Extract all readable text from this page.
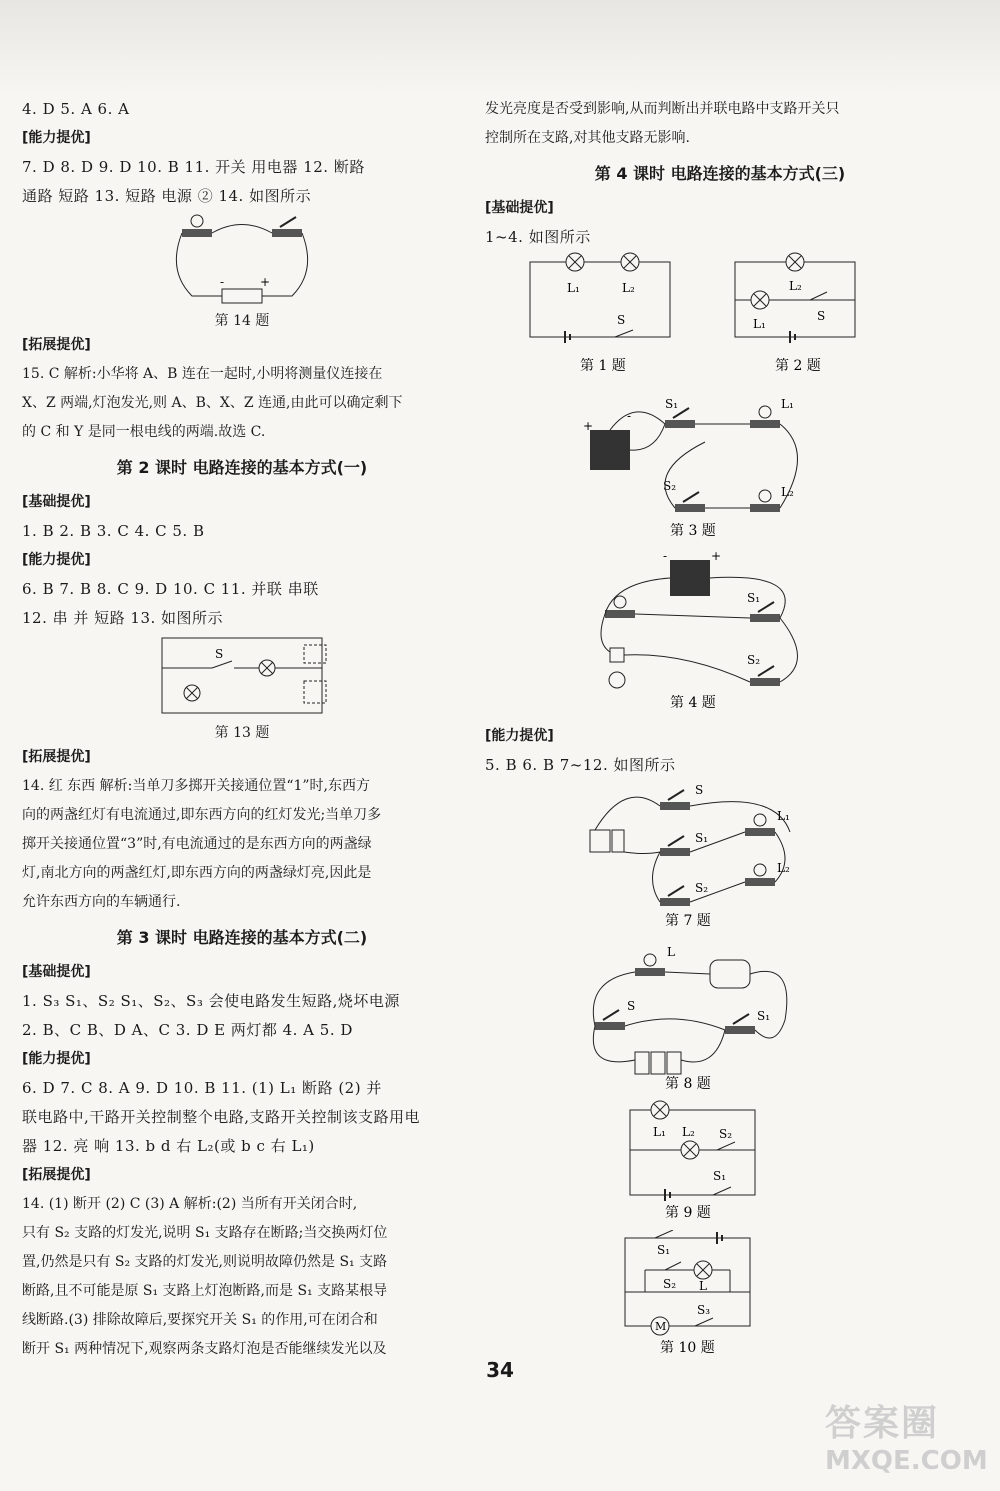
4. D 5. A 6. A
[能力提优]
7. D 8. D 9. D 10. B 11. 开关 用电器 12. 断路
通路 短路 13. 短路 电源 ② 14. 如图所示
-	+
第 14 题
[拓展提优]
15. C 解析:小华将 A、B 连在一起时,小明将测量仪连接在
X、Z 两端,灯泡发光,则 A、B、X、Z 连通,由此可以确定剩下
的 C 和 Y 是同一根电线的两端.故选 C.
第 2 课时 电路连接的基本方式(一)
[基础提优]
1. B 2. B 3. C 4. C 5. B
[能力提优]
6. B 7. B 8. C 9. D 10. C 11. 并联 串联
12. 串 并 短路 13. 如图所示
S
第 13 题
[拓展提优]
14. 红 东西 解析:当单刀多掷开关接通位置“1”时,东西方
向的两盏红灯有电流通过,即东西方向的红灯发光;当单刀多
掷开关接通位置“3”时,有电流通过的是东西方向的两盏绿
灯,南北方向的两盏红灯,即东西方向的两盏绿灯亮,因此是
允许东西方向的车辆通行.
第 3 课时 电路连接的基本方式(二)
[基础提优]
1. S₃ S₁、S₂ S₁、S₂、S₃ 会使电路发生短路,烧坏电源
2. B、C B、D A、C 3. D E 两灯都 4. A 5. D
[能力提优]
6. D 7. C 8. A 9. D 10. B 11. (1) L₁ 断路 (2) 并
联电路中,干路开关控制整个电路,支路开关控制该支路用电
器 12. 亮 响 13. b d 右 L₂(或 b c 右 L₁)
[拓展提优]
14. (1) 断开 (2) C (3) A 解析:(2) 当所有开关闭合时,
只有 S₂ 支路的灯发光,说明 S₁ 支路存在断路;当交换两灯位
置,仍然是只有 S₂ 支路的灯发光,则说明故障仍然是 S₁ 支路
断路,且不可能是原 S₁ 支路上灯泡断路,而是 S₁ 支路某根导
线断路.(3) 排除故障后,要探究开关 S₁ 的作用,可在闭合和
断开 S₁ 两种情况下,观察两条支路灯泡是否能继续发光以及
发光亮度是否受到影响,从而判断出并联电路中支路开关只
控制所在支路,对其他支路无影响.
第 4 课时 电路连接的基本方式(三)
[基础提优]
1~4. 如图所示
L₁	L₂
S
第 1 题
L₂
L₁
S
第 2 题

+
-
S₁	L₁
S₂	L₂
第 3 题

-	+
S₁
S₂
第 4 题
[能力提优]
5. B 6. B 7~12. 如图所示
S
S₁
L₁
S₂
L₂
第 7 题

L
S
S₁
第 8 题

L₁ L₂ S₂
S₁
第 9 题

S₁
S₂ L
M
S₃
第 10 题
34
答案圈
MXQE.COM
